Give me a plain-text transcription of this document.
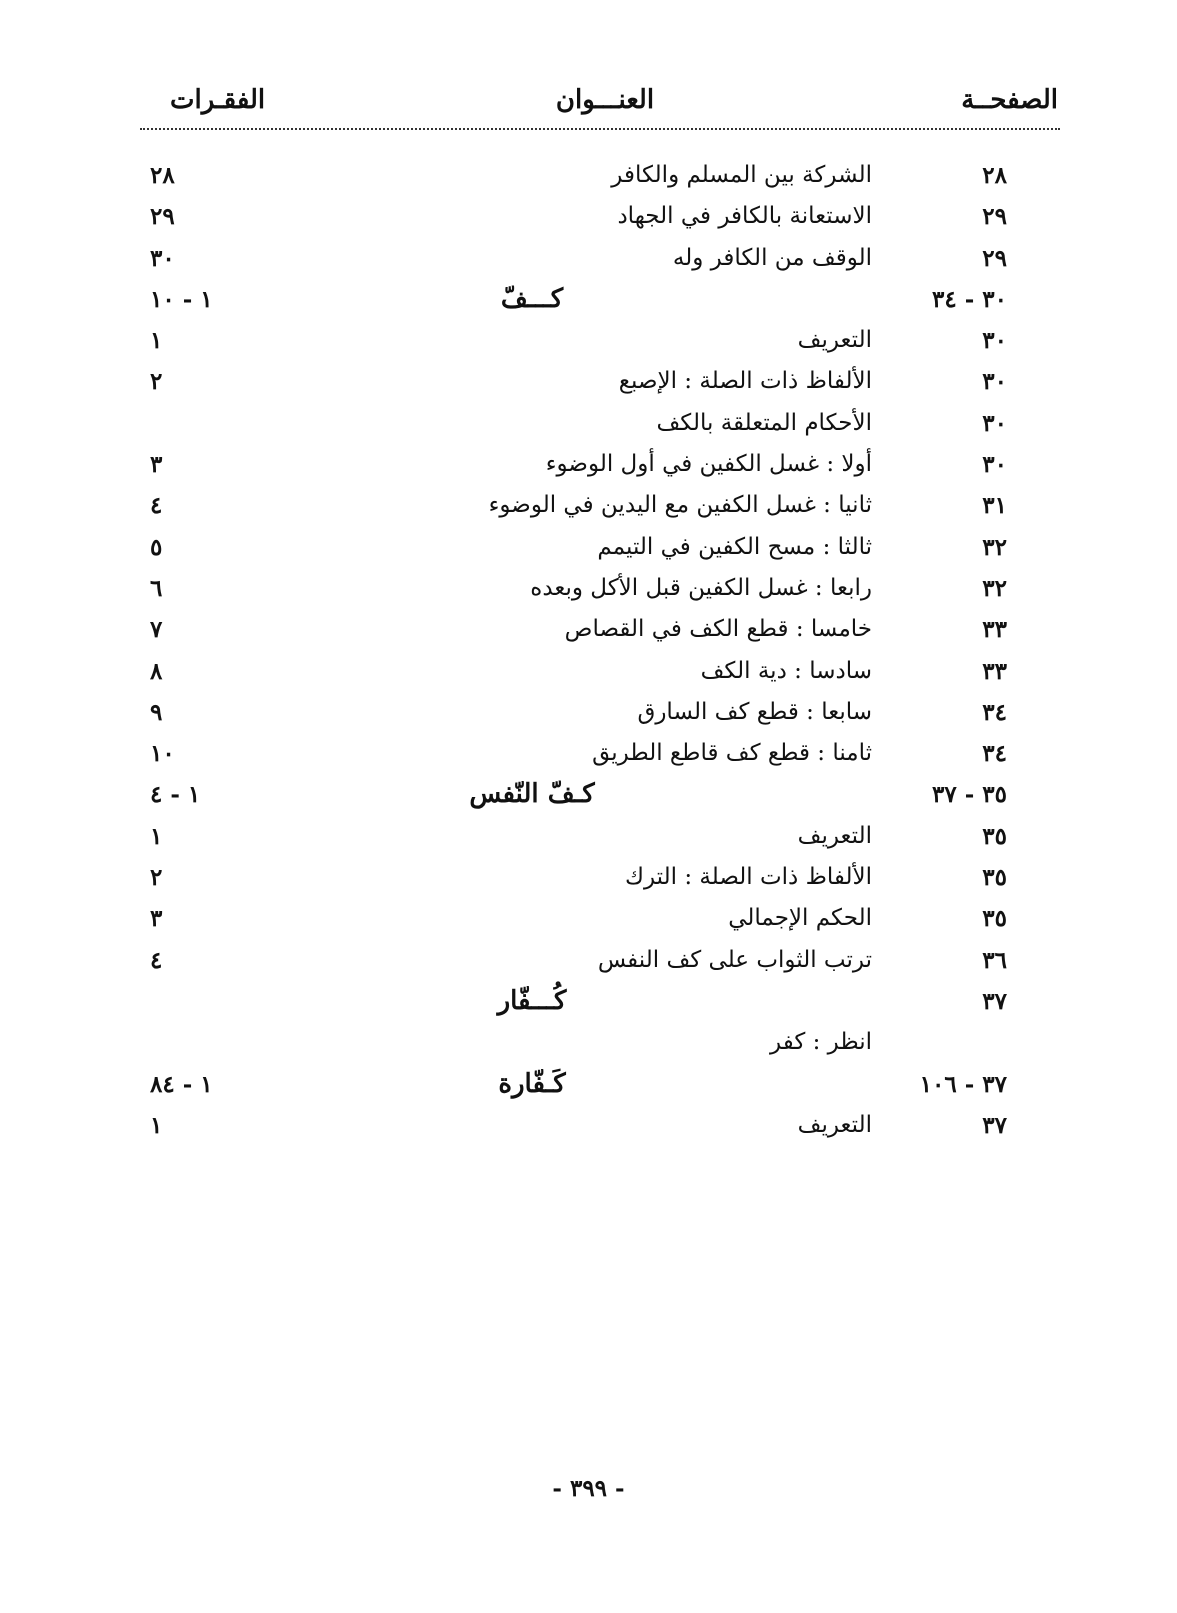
الصفحــة
العنـــوان
الفقـرات
٢٨
الشركة بين المسلم والكافر
٢٨
٢٩
الاستعانة بالكافر في الجهاد
٢٩
٢٩
الوقف من الكافر وله
٣٠
٣٠ - ٣٤
كـــفّ
١ - ١٠
٣٠
التعريف
١
٣٠
الألفاظ ذات الصلة : الإصبع
٢
٣٠
الأحكام المتعلقة بالكف
٣٠
أولا : غسل الكفين في أول الوضوء
٣
٣١
ثانيا : غسل الكفين مع اليدين في الوضوء
٤
٣٢
ثالثا : مسح الكفين في التيمم
٥
٣٢
رابعا : غسل الكفين قبل الأكل وبعده
٦
٣٣
خامسا : قطع الكف في القصاص
٧
٣٣
سادسا : دية الكف
٨
٣٤
سابعا : قطع كف السارق
٩
٣٤
ثامنا : قطع كف قاطع الطريق
١٠
٣٥ - ٣٧
كـفّ النّفس
١ - ٤
٣٥
التعريف
١
٣٥
الألفاظ ذات الصلة : الترك
٢
٣٥
الحكم الإجمالي
٣
٣٦
ترتب الثواب على كف النفس
٤
٣٧
كُـــفّار
انظر : كفر
٣٧ - ١٠٦
كَـفّارة
١ - ٨٤
٣٧
التعريف
١
- ٣٩٩ -
